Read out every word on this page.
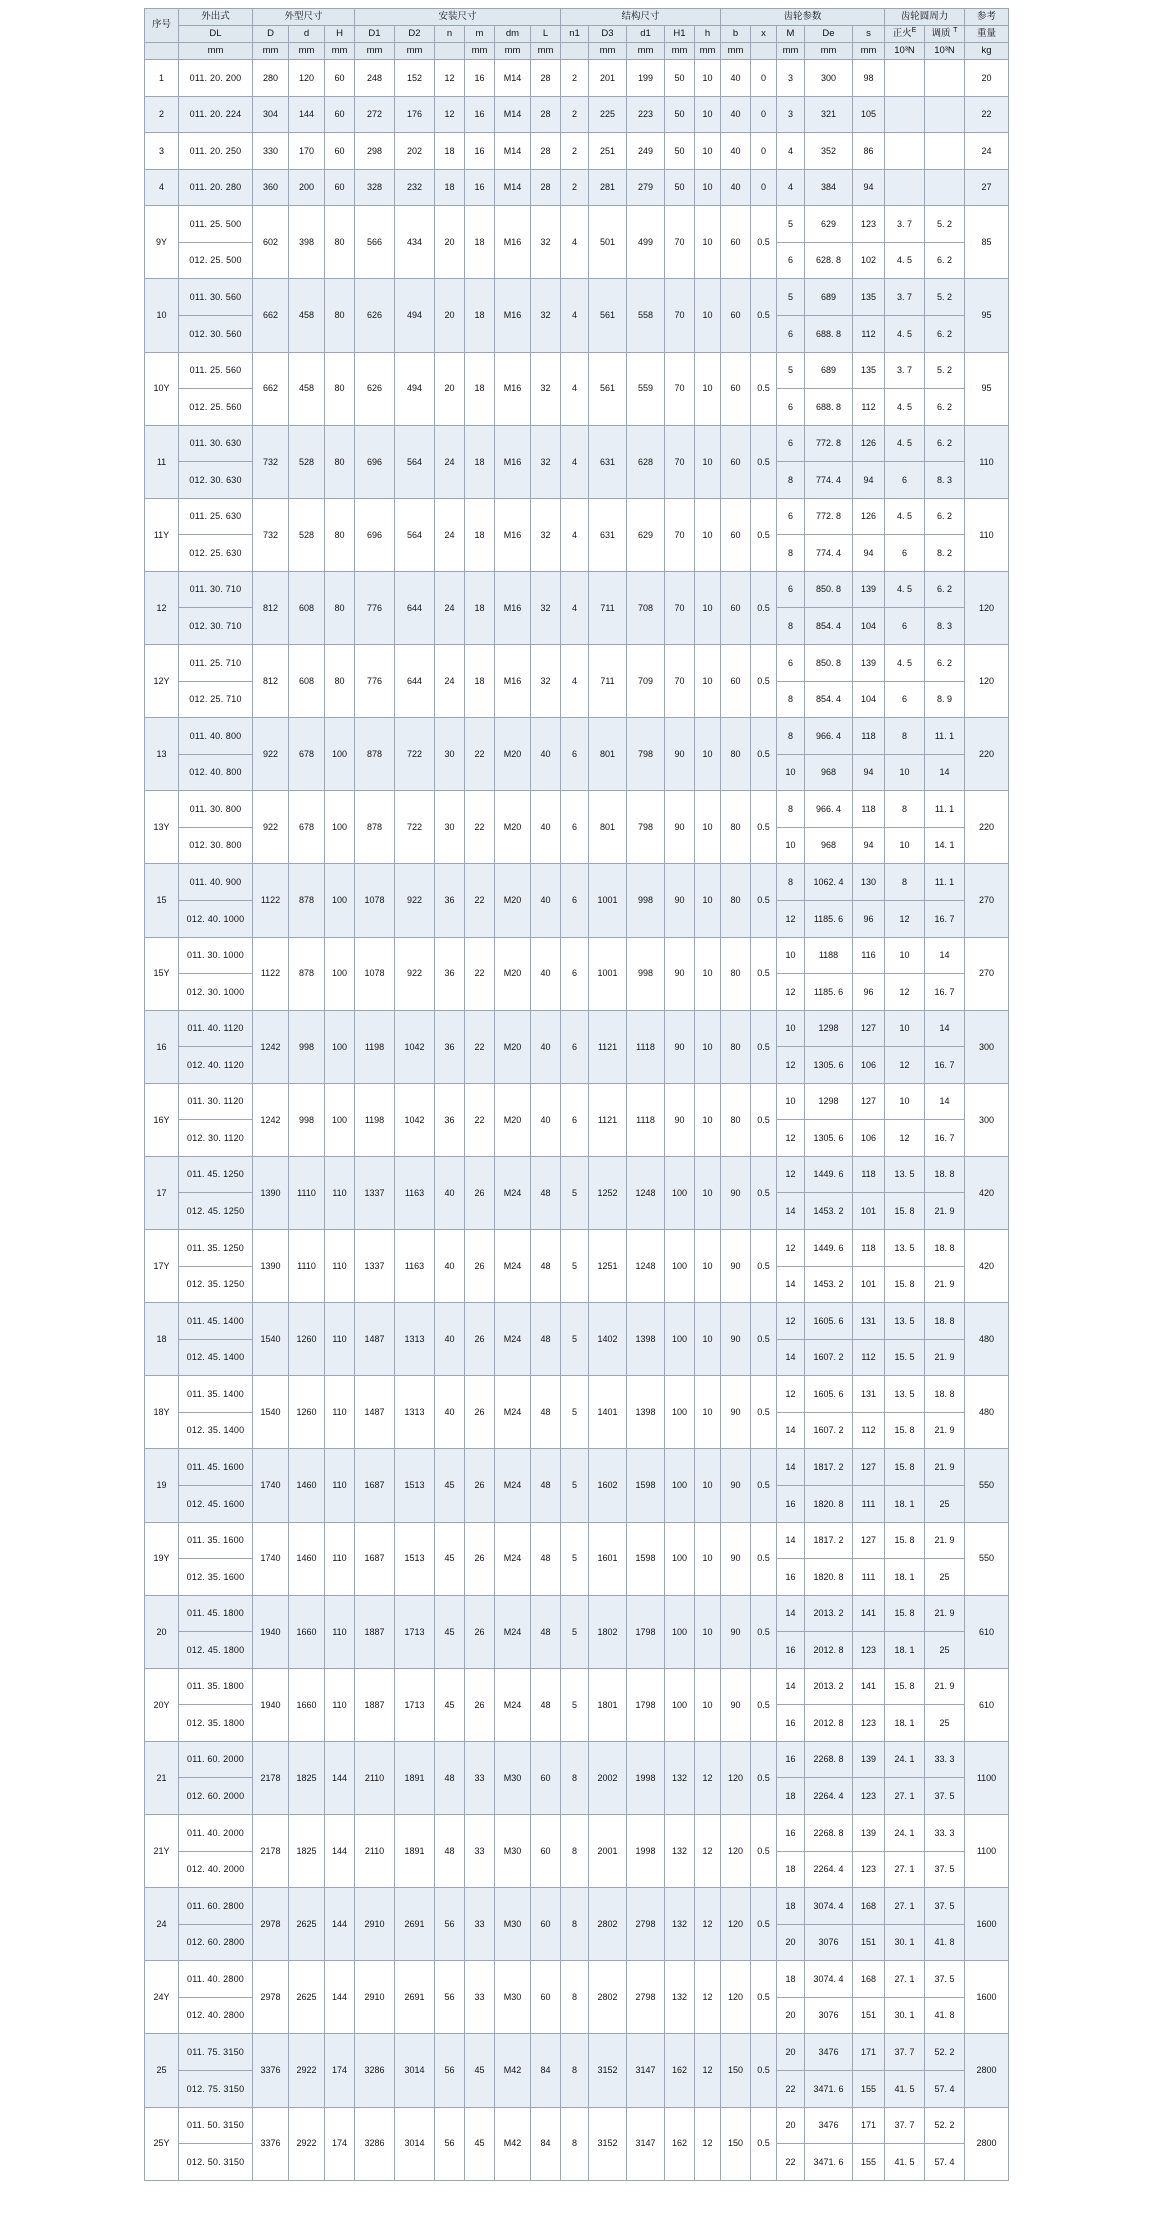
序号	外出式	外型尺寸			安装尺寸						结构尺寸					齿轮参数					齿轮圆周力		参考
	DL	D	d	H	D1	D2	n	m	dm	L	n1	D3	d1	H1	h	b	x	M	De	s	正火$^E$	调质 $^T$	重量
	mm	mm	mm	mm	mm	mm		mm	mm	mm		mm	mm	mm	mm	mm		mm	mm	mm	10³N	10³N	kg
1	011. 20. 200	280	120	60	248	152	12	16	M14	28	2	201	199	50	10	40	0	3	300	98			20
2	011. 20. 224	304	144	60	272	176	12	16	M14	28	2	225	223	50	10	40	0	3	321	105			22
3	011. 20. 250	330	170	60	298	202	18	16	M14	28	2	251	249	50	10	40	0	4	352	86			24
4	011. 20. 280	360	200	60	328	232	18	16	M14	28	2	281	279	50	10	40	0	4	384	94			27
9Y	011. 25. 500	602	398	80	566	434	20	18	M16	32	4	501	499	70	10	60	0.5	5	629	123	3. 7	5. 2	85
	012. 25. 500																	6	628. 8	102	4. 5	6. 2	
10	011. 30. 560	662	458	80	626	494	20	18	M16	32	4	561	558	70	10	60	0.5	5	689	135	3. 7	5. 2	95
	012. 30. 560																	6	688. 8	112	4. 5	6. 2	
10Y	011. 25. 560	662	458	80	626	494	20	18	M16	32	4	561	559	70	10	60	0.5	5	689	135	3. 7	5. 2	95
	012. 25. 560																	6	688. 8	112	4. 5	6. 2	
11	011. 30. 630	732	528	80	696	564	24	18	M16	32	4	631	628	70	10	60	0.5	6	772. 8	126	4. 5	6. 2	110
	012. 30. 630																	8	774. 4	94	6	8. 3	
11Y	011. 25. 630	732	528	80	696	564	24	18	M16	32	4	631	629	70	10	60	0.5	6	772. 8	126	4. 5	6. 2	110
	012. 25. 630																	8	774. 4	94	6	8. 2	
12	011. 30. 710	812	608	80	776	644	24	18	M16	32	4	711	708	70	10	60	0.5	6	850. 8	139	4. 5	6. 2	120
	012. 30. 710																	8	854. 4	104	6	8. 3	
12Y	011. 25. 710	812	608	80	776	644	24	18	M16	32	4	711	709	70	10	60	0.5	6	850. 8	139	4. 5	6. 2	120
	012. 25. 710																	8	854. 4	104	6	8. 9	
13	011. 40. 800	922	678	100	878	722	30	22	M20	40	6	801	798	90	10	80	0.5	8	966. 4	118	8	11. 1	220
	012. 40. 800																	10	968	94	10	14	
13Y	011. 30. 800	922	678	100	878	722	30	22	M20	40	6	801	798	90	10	80	0.5	8	966. 4	118	8	11. 1	220
	012. 30. 800																	10	968	94	10	14. 1	
15	011. 40. 900	1122	878	100	1078	922	36	22	M20	40	6	1001	998	90	10	80	0.5	8	1062. 4	130	8	11. 1	270
	012. 40. 1000																	12	1185. 6	96	12	16. 7	
15Y	011. 30. 1000	1122	878	100	1078	922	36	22	M20	40	6	1001	998	90	10	80	0.5	10	1188	116	10	14	270
	012. 30. 1000																	12	1185. 6	96	12	16. 7	
16	011. 40. 1120	1242	998	100	1198	1042	36	22	M20	40	6	1121	1118	90	10	80	0.5	10	1298	127	10	14	300
	012. 40. 1120																	12	1305. 6	106	12	16. 7	
16Y	011. 30. 1120	1242	998	100	1198	1042	36	22	M20	40	6	1121	1118	90	10	80	0.5	10	1298	127	10	14	300
	012. 30. 1120																	12	1305. 6	106	12	16. 7	
17	011. 45. 1250	1390	1110	110	1337	1163	40	26	M24	48	5	1252	1248	100	10	90	0.5	12	1449. 6	118	13. 5	18. 8	420
	012. 45. 1250																	14	1453. 2	101	15. 8	21. 9	
17Y	011. 35. 1250	1390	1110	110	1337	1163	40	26	M24	48	5	1251	1248	100	10	90	0.5	12	1449. 6	118	13. 5	18. 8	420
	012. 35. 1250																	14	1453. 2	101	15. 8	21. 9	
18	011. 45. 1400	1540	1260	110	1487	1313	40	26	M24	48	5	1402	1398	100	10	90	0.5	12	1605. 6	131	13. 5	18. 8	480
	012. 45. 1400																	14	1607. 2	112	15. 5	21. 9	
18Y	011. 35. 1400	1540	1260	110	1487	1313	40	26	M24	48	5	1401	1398	100	10	90	0.5	12	1605. 6	131	13. 5	18. 8	480
	012. 35. 1400																	14	1607. 2	112	15. 8	21. 9	
19	011. 45. 1600	1740	1460	110	1687	1513	45	26	M24	48	5	1602	1598	100	10	90	0.5	14	1817. 2	127	15. 8	21. 9	550
	012. 45. 1600																	16	1820. 8	111	18. 1	25	
19Y	011. 35. 1600	1740	1460	110	1687	1513	45	26	M24	48	5	1601	1598	100	10	90	0.5	14	1817. 2	127	15. 8	21. 9	550
	012. 35. 1600																	16	1820. 8	111	18. 1	25	
20	011. 45. 1800	1940	1660	110	1887	1713	45	26	M24	48	5	1802	1798	100	10	90	0.5	14	2013. 2	141	15. 8	21. 9	610
	012. 45. 1800																	16	2012. 8	123	18. 1	25	
20Y	011. 35. 1800	1940	1660	110	1887	1713	45	26	M24	48	5	1801	1798	100	10	90	0.5	14	2013. 2	141	15. 8	21. 9	610
	012. 35. 1800																	16	2012. 8	123	18. 1	25	
21	011. 60. 2000	2178	1825	144	2110	1891	48	33	M30	60	8	2002	1998	132	12	120	0.5	16	2268. 8	139	24. 1	33. 3	1100
	012. 60. 2000																	18	2264. 4	123	27. 1	37. 5	
21Y	011. 40. 2000	2178	1825	144	2110	1891	48	33	M30	60	8	2001	1998	132	12	120	0.5	16	2268. 8	139	24. 1	33. 3	1100
	012. 40. 2000																	18	2264. 4	123	27. 1	37. 5	
24	011. 60. 2800	2978	2625	144	2910	2691	56	33	M30	60	8	2802	2798	132	12	120	0.5	18	3074. 4	168	27. 1	37. 5	1600
	012. 60. 2800																	20	3076	151	30. 1	41. 8	
24Y	011. 40. 2800	2978	2625	144	2910	2691	56	33	M30	60	8	2802	2798	132	12	120	0.5	18	3074. 4	168	27. 1	37. 5	1600
	012. 40. 2800																	20	3076	151	30. 1	41. 8	
25	011. 75. 3150	3376	2922	174	3286	3014	56	45	M42	84	8	3152	3147	162	12	150	0.5	20	3476	171	37. 7	52. 2	2800
	012. 75. 3150																	22	3471. 6	155	41. 5	57. 4	
25Y	011. 50. 3150	3376	2922	174	3286	3014	56	45	M42	84	8	3152	3147	162	12	150	0.5	20	3476	171	37. 7	52. 2	2800
	012. 50. 3150																	22	3471. 6	155	41. 5	57. 4	
